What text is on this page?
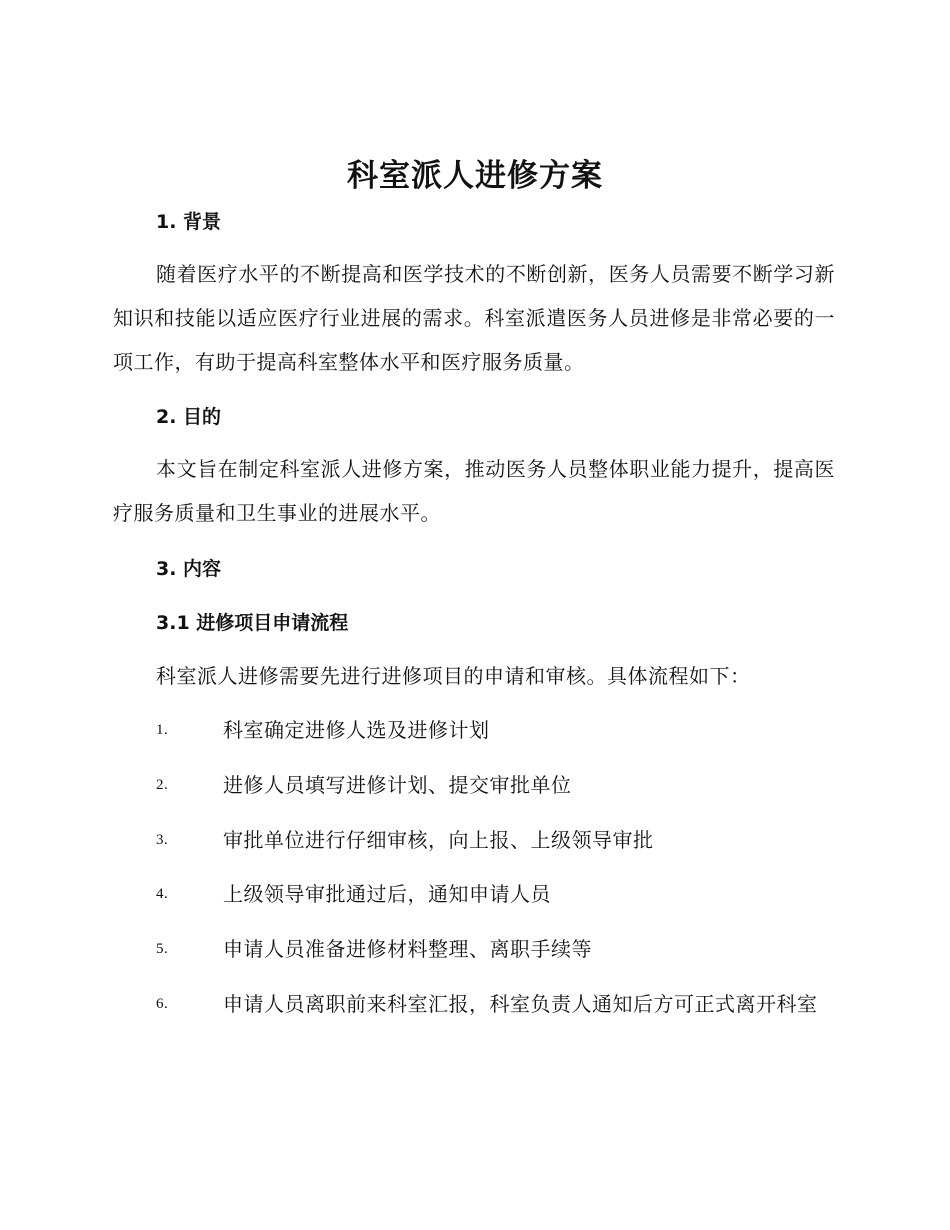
科室派人进修方案
1. 背景
随着医疗水平的不断提高和医学技术的不断创新，医务人员需要不断学习新知识和技能以适应医疗行业进展的需求。科室派遣医务人员进修是非常必要的一项工作，有助于提高科室整体水平和医疗服务质量。
2. 目的
本文旨在制定科室派人进修方案，推动医务人员整体职业能力提升，提高医疗服务质量和卫生事业的进展水平。
3. 内容
3.1 进修项目申请流程
科室派人进修需要先进行进修项目的申请和审核。具体流程如下：
1.	科室确定进修人选及进修计划
2.	进修人员填写进修计划、提交审批单位
3.	审批单位进行仔细审核，向上报、上级领导审批
4.	上级领导审批通过后，通知申请人员
5.	申请人员准备进修材料整理、离职手续等
6.	申请人员离职前来科室汇报，科室负责人通知后方可正式离开科室
